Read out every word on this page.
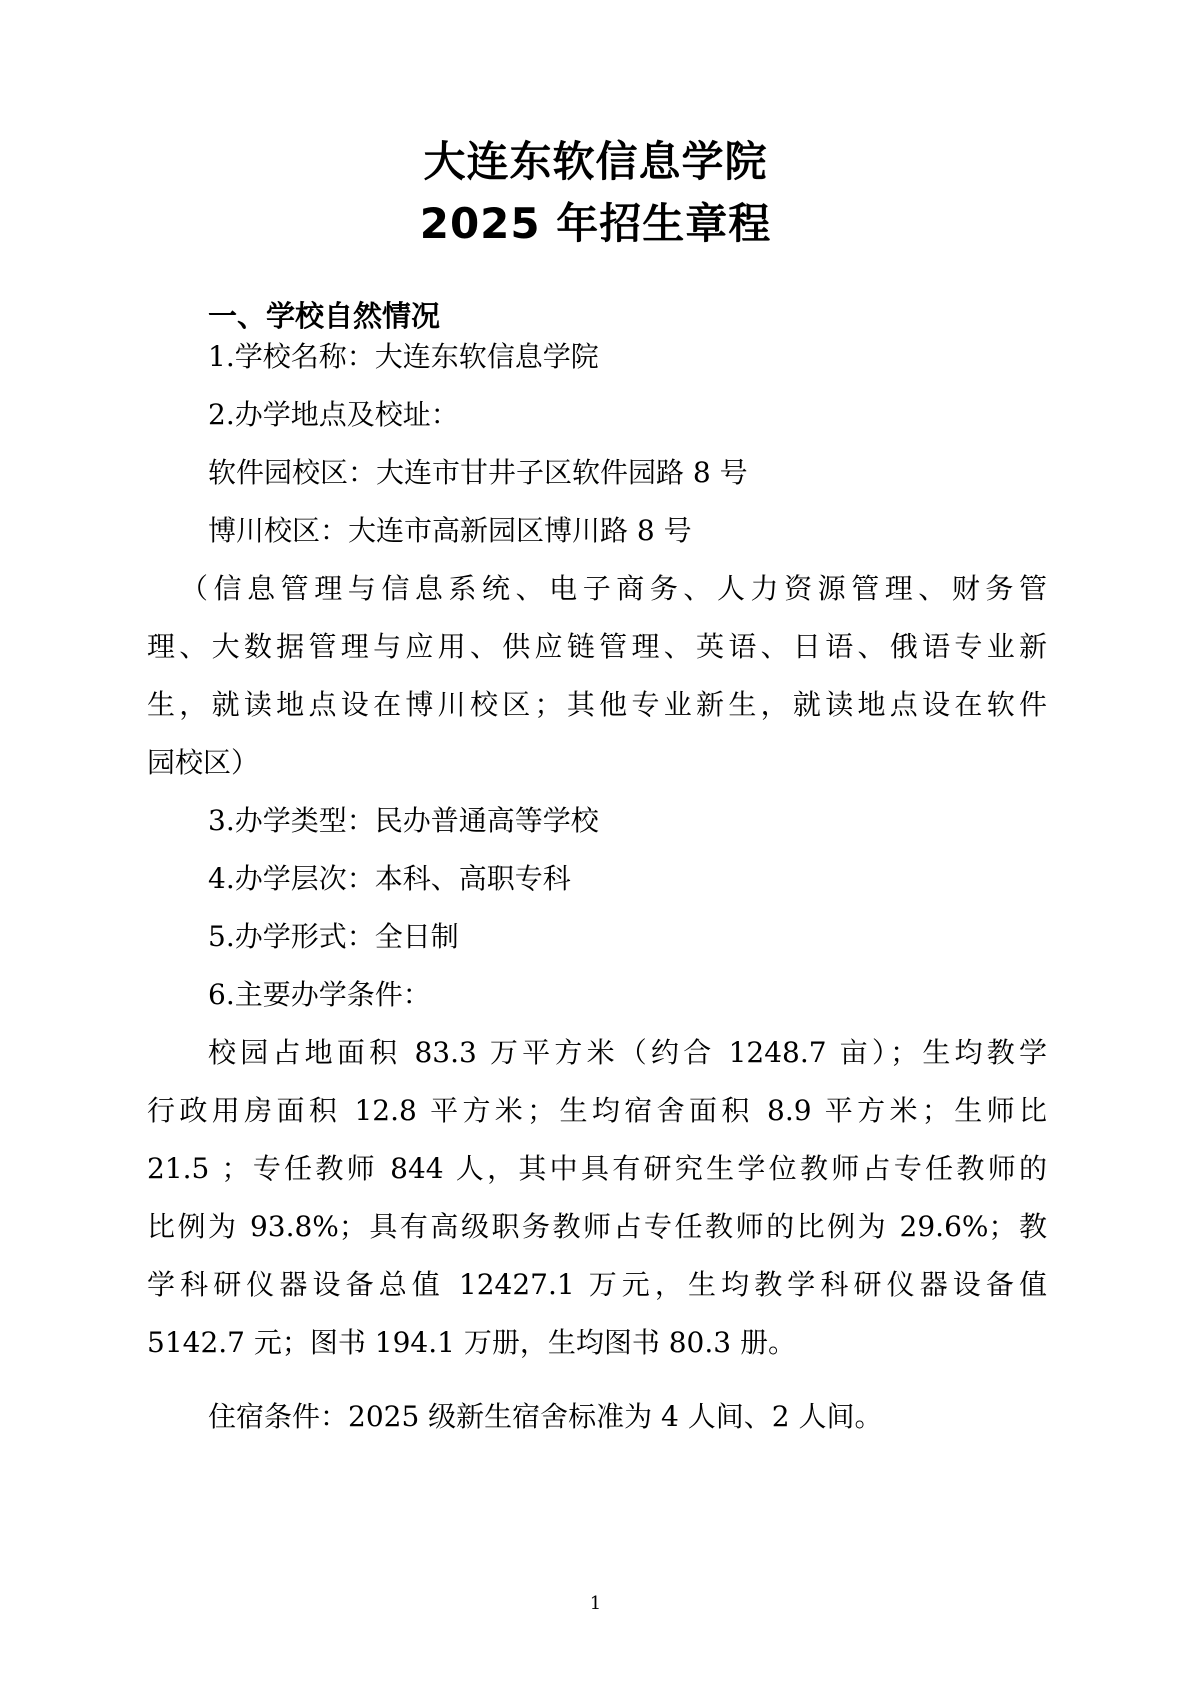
大连东软信息学院
2025 年招生章程
一、学校自然情况
1.学校名称：大连东软信息学院
2.办学地点及校址：
软件园校区：大连市甘井子区软件园路 8 号
博川校区：大连市高新园区博川路 8 号
（信息管理与信息系统、电子商务、人力资源管理、财务管
理、大数据管理与应用、供应链管理、英语、日语、俄语专业新
生，就读地点设在博川校区；其他专业新生，就读地点设在软件
园校区）
3.办学类型：民办普通高等学校
4.办学层次：本科、高职专科
5.办学形式：全日制
6.主要办学条件：
校园占地面积 83.3 万平方米（约合 1248.7 亩）；生均教学
行政用房面积 12.8 平方米；生均宿舍面积 8.9 平方米；生师比
21.5 ；专任教师 844 人，其中具有研究生学位教师占专任教师的
比例为 93.8%；具有高级职务教师占专任教师的比例为 29.6%；教
学科研仪器设备总值 12427.1 万元，生均教学科研仪器设备值
5142.7 元；图书 194.1 万册，生均图书 80.3 册。
住宿条件：2025 级新生宿舍标准为 4 人间、2 人间。
1
